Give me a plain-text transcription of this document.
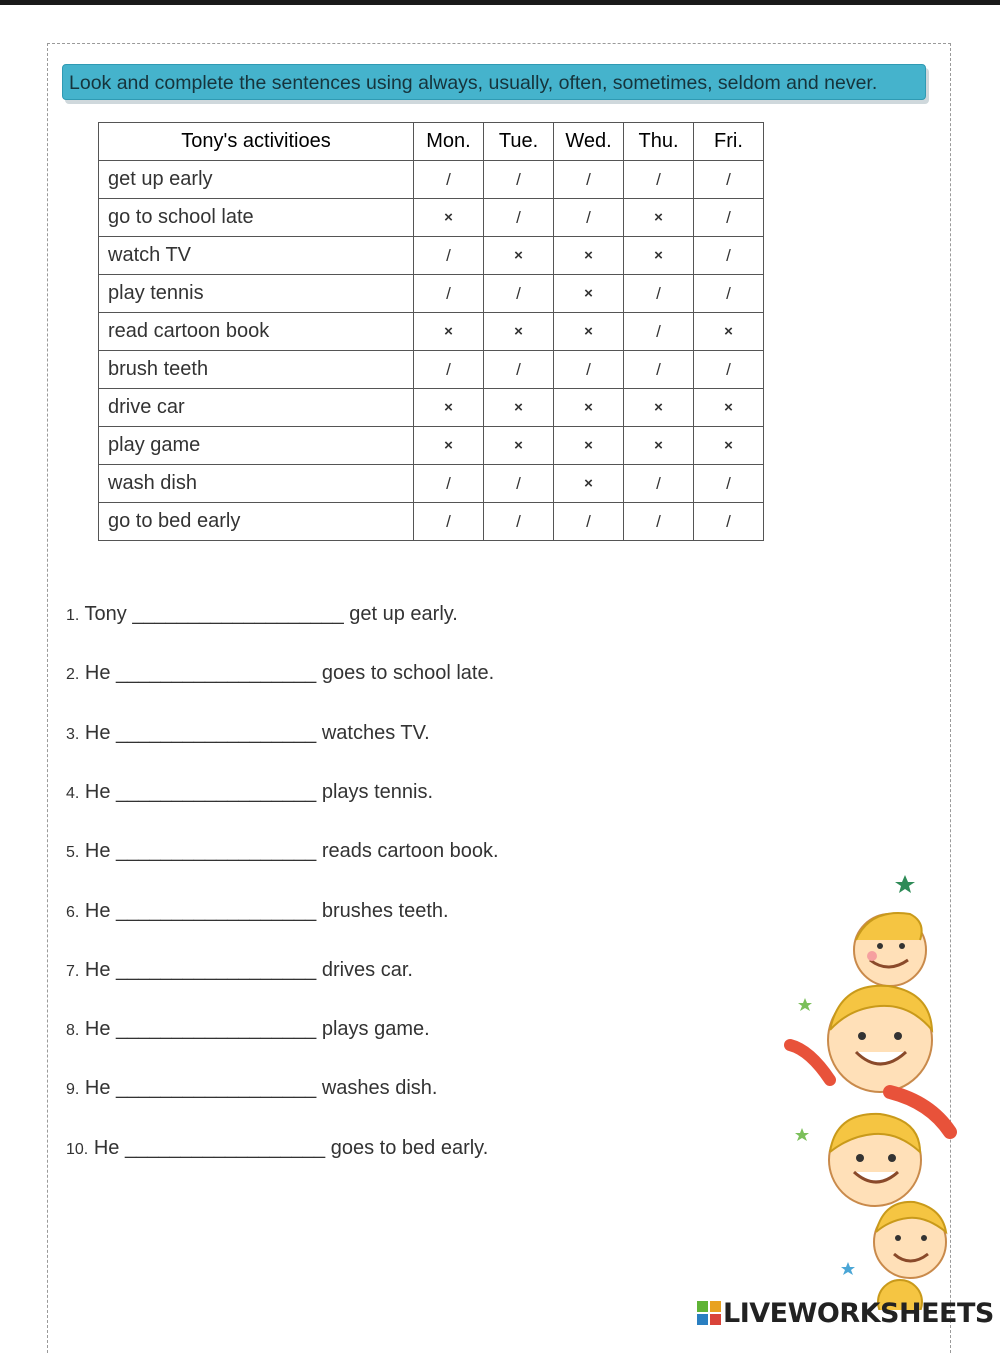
Look and complete the sentences using always, usually, often, sometimes, seldom and never.
Tony's activitioes	Mon.	Tue.	Wed.	Thu.	Fri.
get up early	/	/	/	/	/
go to school late	×	/	/	×	/
watch TV	/	×	×	×	/
play tennis	/	/	×	/	/
read cartoon book	×	×	×	/	×
brush teeth	/	/	/	/	/
drive car	×	×	×	×	×
play game	×	×	×	×	×
wash dish	/	/	×	/	/
go to bed early	/	/	/	/	/
1. Tony ___________________ get up early.
2. He __________________ goes to school late.
3. He __________________ watches TV.
4. He __________________ plays tennis.
5. He __________________ reads cartoon book.
6. He __________________ brushes teeth.
7. He __________________ drives car.
8. He __________________ plays game.
9. He __________________ washes dish.
10. He __________________ goes to bed early.
LIVEWORKSHEETS
